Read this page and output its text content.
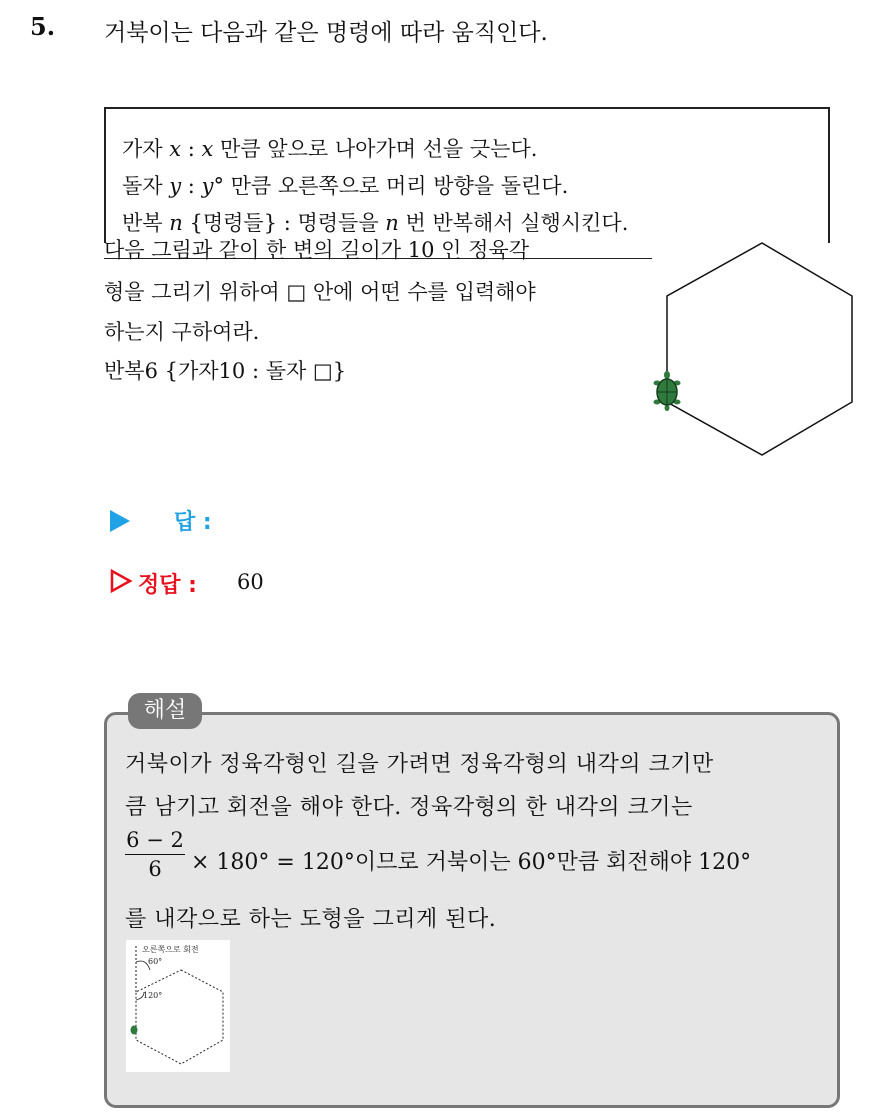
5. 거북이는 다음과 같은 명령에 따라 움직인다.
가자 x : x 만큼 앞으로 나아가며 선을 긋는다.
돌자 y : y° 만큼 오른쪽으로 머리 방향을 돌린다.
반복 n {명령들} : 명령들을 n 번 반복해서 실행시킨다.
다음 그림과 같이 한 변의 길이가 10 인 정육각
형을 그리기 위하여 □ 안에 어떤 수를 입력해야
하는지 구하여라.
반복6 {가자10 : 돌자 □}
답 :
정답 : 60
해설
거북이가 정육각형인 길을 가려면 정육각형의 내각의 크기만
큼 남기고 회전을 해야 한다. 정육각형의 한 내각의 크기는
6 − 2
6	× 180° = 120°이므로 거북이는 60°만큼 회전해야 120°
를 내각으로 하는 도형을 그리게 된다.
오른쪽으로 회전
60°
120°
